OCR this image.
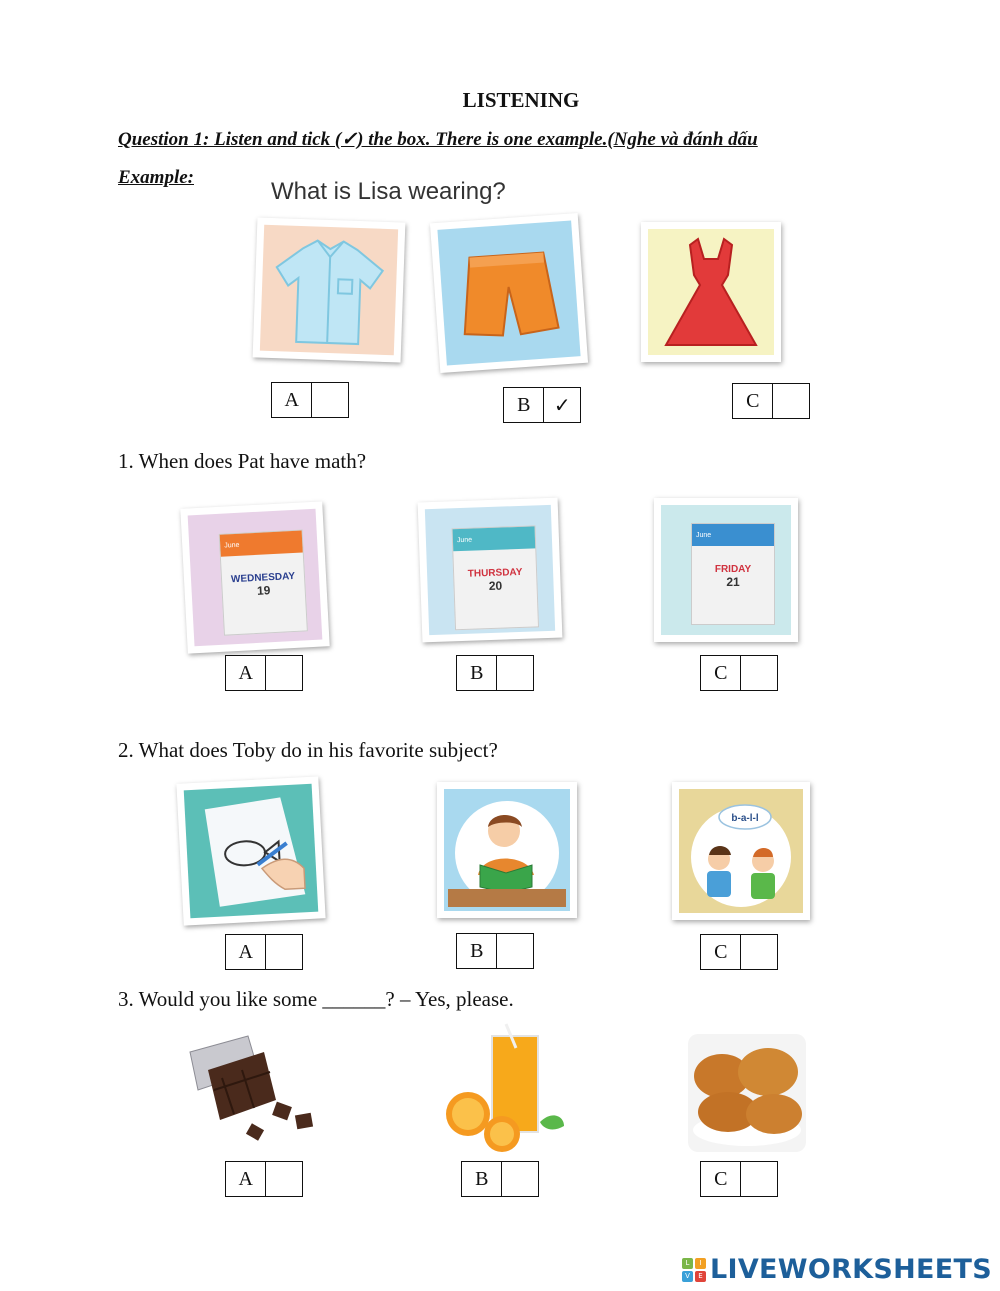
LISTENING
Question 1: Listen and tick (✓) the box. There is one example.(Nghe và đánh dấu
Example:
What is Lisa wearing?
A	B	✓	C
1. When does Pat have math?
June
WEDNESDAY
19
June
THURSDAY
20
June
FRIDAY
21
A	B	C
2. What does Toby do in his favorite subject?
b-a-l-l
A	B	C
3. Would you like some ______? – Yes, please.
A	B	C
L	I
V	E LIVEWORKSHEETS
